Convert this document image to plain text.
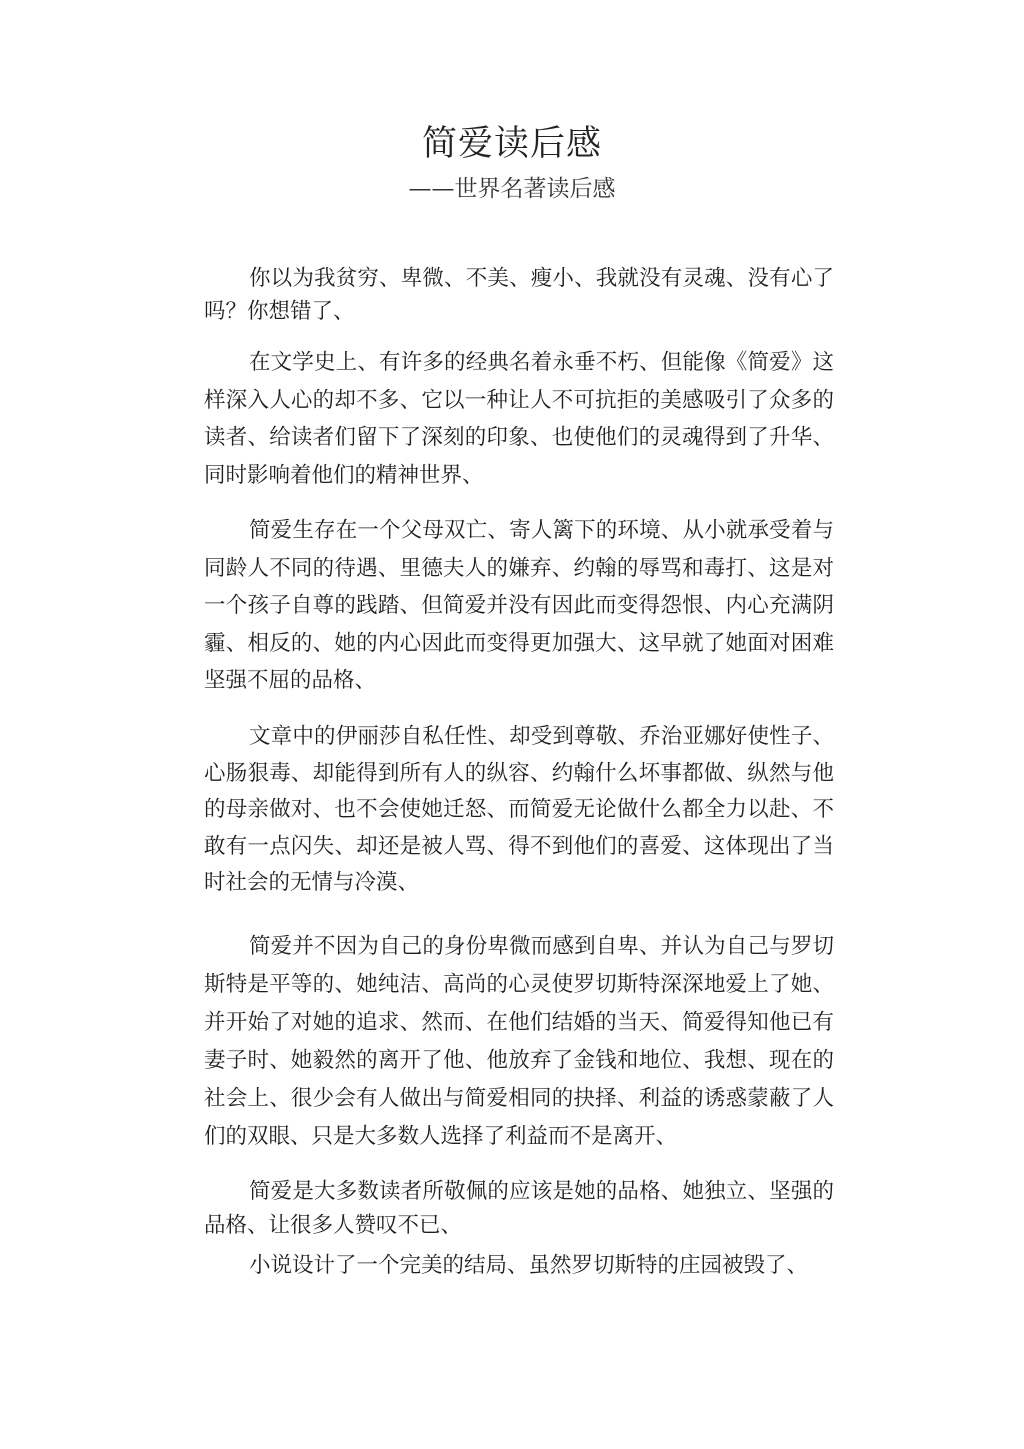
简爱读后感
——世界名著读后感

你以为我贫穷、卑微、不美、瘦小、我就没有灵魂、没有心了吗？你想错了、

在文学史上、有许多的经典名着永垂不朽、但能像《简爱》这样深入人心的却不多、它以一种让人不可抗拒的美感吸引了众多的读者、给读者们留下了深刻的印象、也使他们的灵魂得到了升华、同时影响着他们的精神世界、

简爱生存在一个父母双亡、寄人篱下的环境、从小就承受着与同龄人不同的待遇、里德夫人的嫌弃、约翰的辱骂和毒打、这是对一个孩子自尊的践踏、但简爱并没有因此而变得怨恨、内心充满阴霾、相反的、她的内心因此而变得更加强大、这早就了她面对困难坚强不屈的品格、

文章中的伊丽莎自私任性、却受到尊敬、乔治亚娜好使性子、心肠狠毒、却能得到所有人的纵容、约翰什么坏事都做、纵然与他的母亲做对、也不会使她迁怒、而简爱无论做什么都全力以赴、不敢有一点闪失、却还是被人骂、得不到他们的喜爱、这体现出了当时社会的无情与冷漠、

简爱并不因为自己的身份卑微而感到自卑、并认为自己与罗切斯特是平等的、她纯洁、高尚的心灵使罗切斯特深深地爱上了她、并开始了对她的追求、然而、在他们结婚的当天、简爱得知他已有妻子时、她毅然的离开了他、他放弃了金钱和地位、我想、现在的社会上、很少会有人做出与简爱相同的抉择、利益的诱惑蒙蔽了人们的双眼、只是大多数人选择了利益而不是离开、

简爱是大多数读者所敬佩的应该是她的品格、她独立、坚强的品格、让很多人赞叹不已、

小说设计了一个完美的结局、虽然罗切斯特的庄园被毁了、
